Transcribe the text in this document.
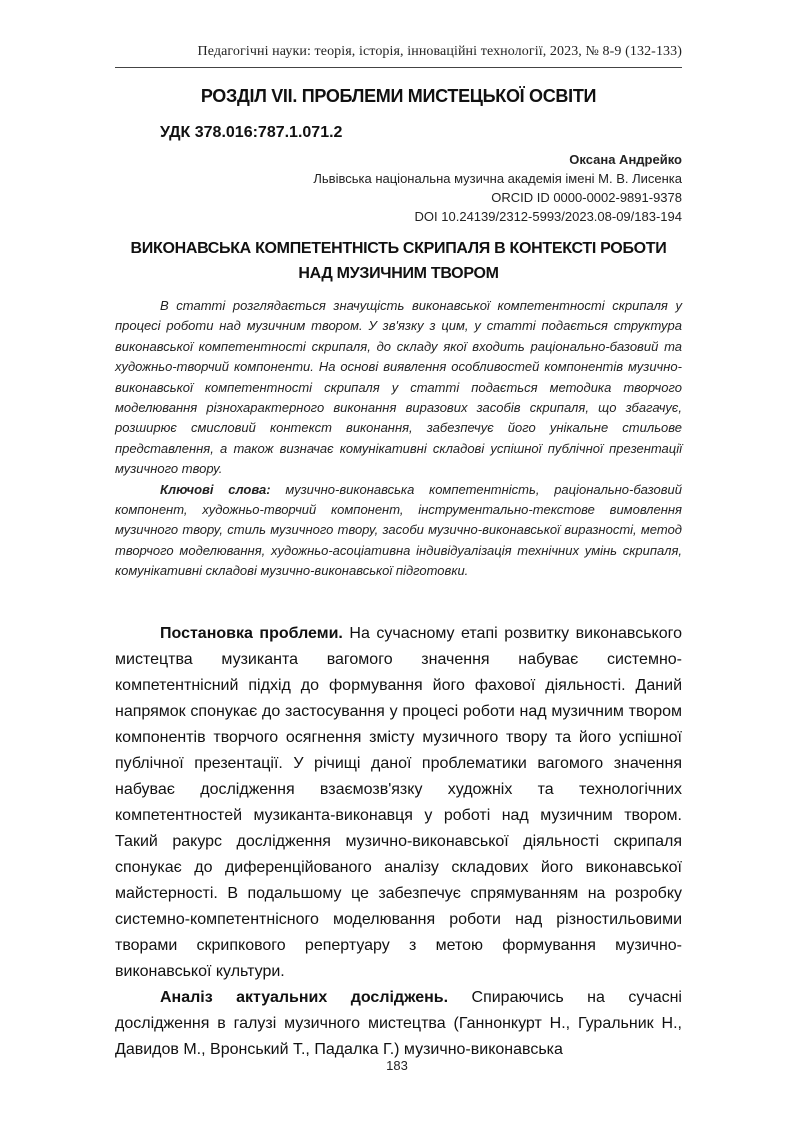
Педагогічні науки: теорія, історія, інноваційні технології, 2023, № 8-9 (132-133)
РОЗДІЛ VII. ПРОБЛЕМИ МИСТЕЦЬКОЇ ОСВІТИ
УДК 378.016:787.1.071.2
Оксана Андрейко
Львівська національна музична академія імені М. В. Лисенка
ORCID ID 0000-0002-9891-9378
DOI 10.24139/2312-5993/2023.08-09/183-194
ВИКОНАВСЬКА КОМПЕТЕНТНІСТЬ СКРИПАЛЯ В КОНТЕКСТІ РОБОТИ
НАД МУЗИЧНИМ ТВОРОМ

В статті розглядається значущість виконавської компетентності скрипаля у процесі роботи над музичним твором. У зв'язку з цим, у статті подається структура виконавської компетентності скрипаля, до складу якої входить раціонально-базовий та художньо-творчий компоненти. На основі виявлення особливостей компонентів музично-виконавської компетентності скрипаля у статті подається методика творчого моделювання різнохарактерного виконання виразових засобів скрипаля, що збагачує, розширює смисловий контекст виконання, забезпечує його унікальне стильове представлення, а також визначає комунікативні складові успішної публічної презентації музичного твору.

Ключові слова: музично-виконавська компетентність, раціонально-базовий компонент, художньо-творчий компонент, інструментально-текстове вимовлення музичного твору, стиль музичного твору, засоби музично-виконавської виразності, метод творчого моделювання, художньо-асоціативна індивідуалізація технічних умінь скрипаля, комунікативні складові музично-виконавської підготовки.

Постановка проблеми. На сучасному етапі розвитку виконавського мистецтва музиканта вагомого значення набуває системно-компетентнісний підхід до формування його фахової діяльності. Даний напрямок спонукає до застосування у процесі роботи над музичним твором компонентів творчого осягнення змісту музичного твору та його успішної публічної презентації. У річищі даної проблематики вагомого значення набуває дослідження взаємозв'язку художніх та технологічних компетентностей музиканта-виконавця у роботі над музичним твором. Такий ракурс дослідження музично-виконавської діяльності скрипаля спонукає до диференційованого аналізу складових його виконавської майстерності. В подальшому це забезпечує спрямуванням на розробку системно-компетентнісного моделювання роботи над різностильовими творами скрипкового репертуару з метою формування музично-виконавської культури.

Аналіз актуальних досліджень. Спираючись на сучасні дослідження в галузі музичного мистецтва (Ганнонкурт Н., Гуральник Н., Давидов М., Вронський Т., Падалка Г.) музично-виконавська

183
